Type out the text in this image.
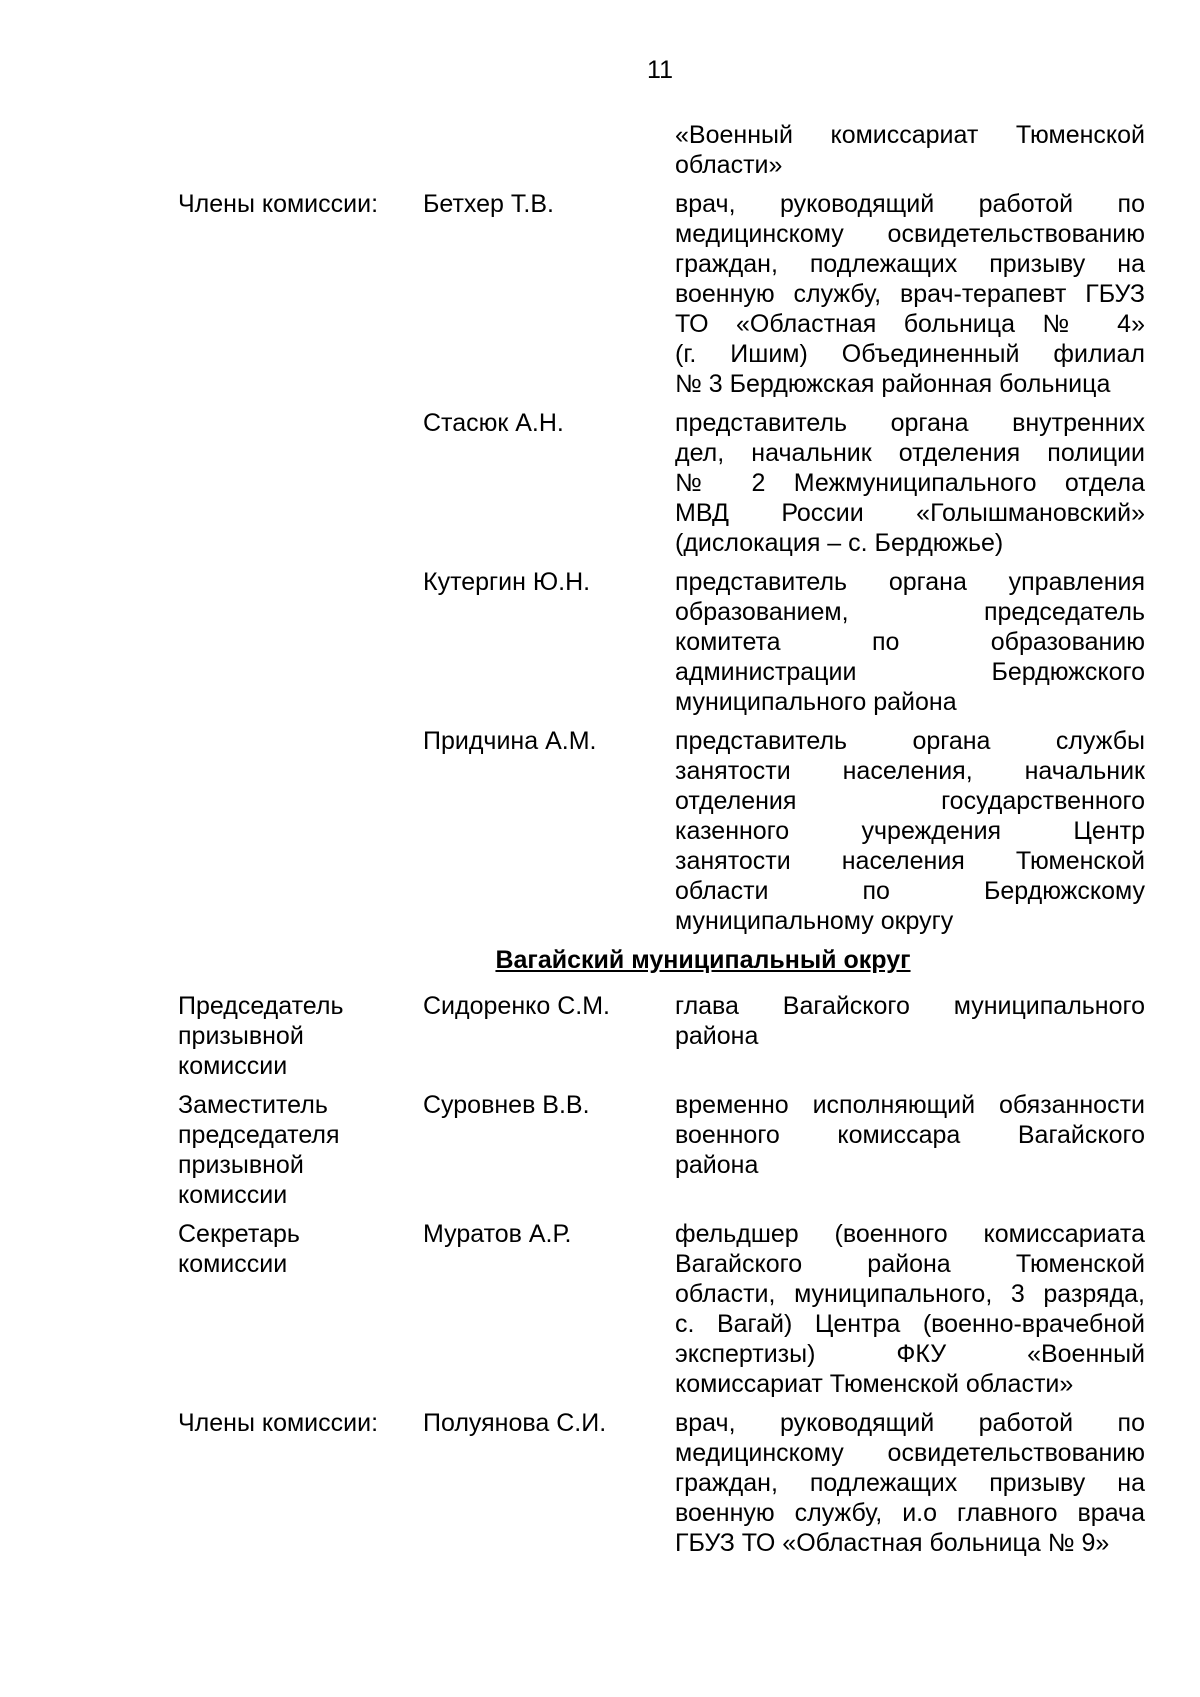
11
«Военный комиссариат Тюменской
области»
Члены комиссии:	Бетхер Т.В.	врач, руководящий работой по
медицинскому освидетельствованию
граждан, подлежащих призыву на
военную службу, врач-терапевт ГБУЗ
ТО «Областная больница № 4»
(г. Ишим) Объединенный филиал
№ 3 Бердюжская районная больница
Стасюк А.Н.	представитель органа внутренних
дел, начальник отделения полиции
№ 2 Межмуниципального отдела
МВД России «Голышмановский»
(дислокация – с. Бердюжье)
Кутергин Ю.Н.	представитель органа управления
образованием, председатель
комитета по образованию
администрации Бердюжского
муниципального района
Придчина А.М.	представитель органа службы
занятости населения, начальник
отделения государственного
казенного учреждения Центр
занятости населения Тюменской
области по Бердюжскому
муниципальному округу
Вагайский муниципальный округ
Председатель
призывной
комиссии
Сидоренко С.М.	глава Вагайского муниципального
района
Заместитель
председателя
призывной
комиссии
Суровнев В.В.	временно исполняющий обязанности
военного комиссара Вагайского
района
Секретарь
комиссии
Муратов А.Р.	фельдшер (военного комиссариата
Вагайского района Тюменской
области, муниципального, 3 разряда,
с. Вагай) Центра (военно-врачебной
экспертизы) ФКУ «Военный
комиссариат Тюменской области»
Члены комиссии:	Полуянова С.И.	врач, руководящий работой по
медицинскому освидетельствованию
граждан, подлежащих призыву на
военную службу, и.о главного врача
ГБУЗ ТО «Областная больница № 9»
